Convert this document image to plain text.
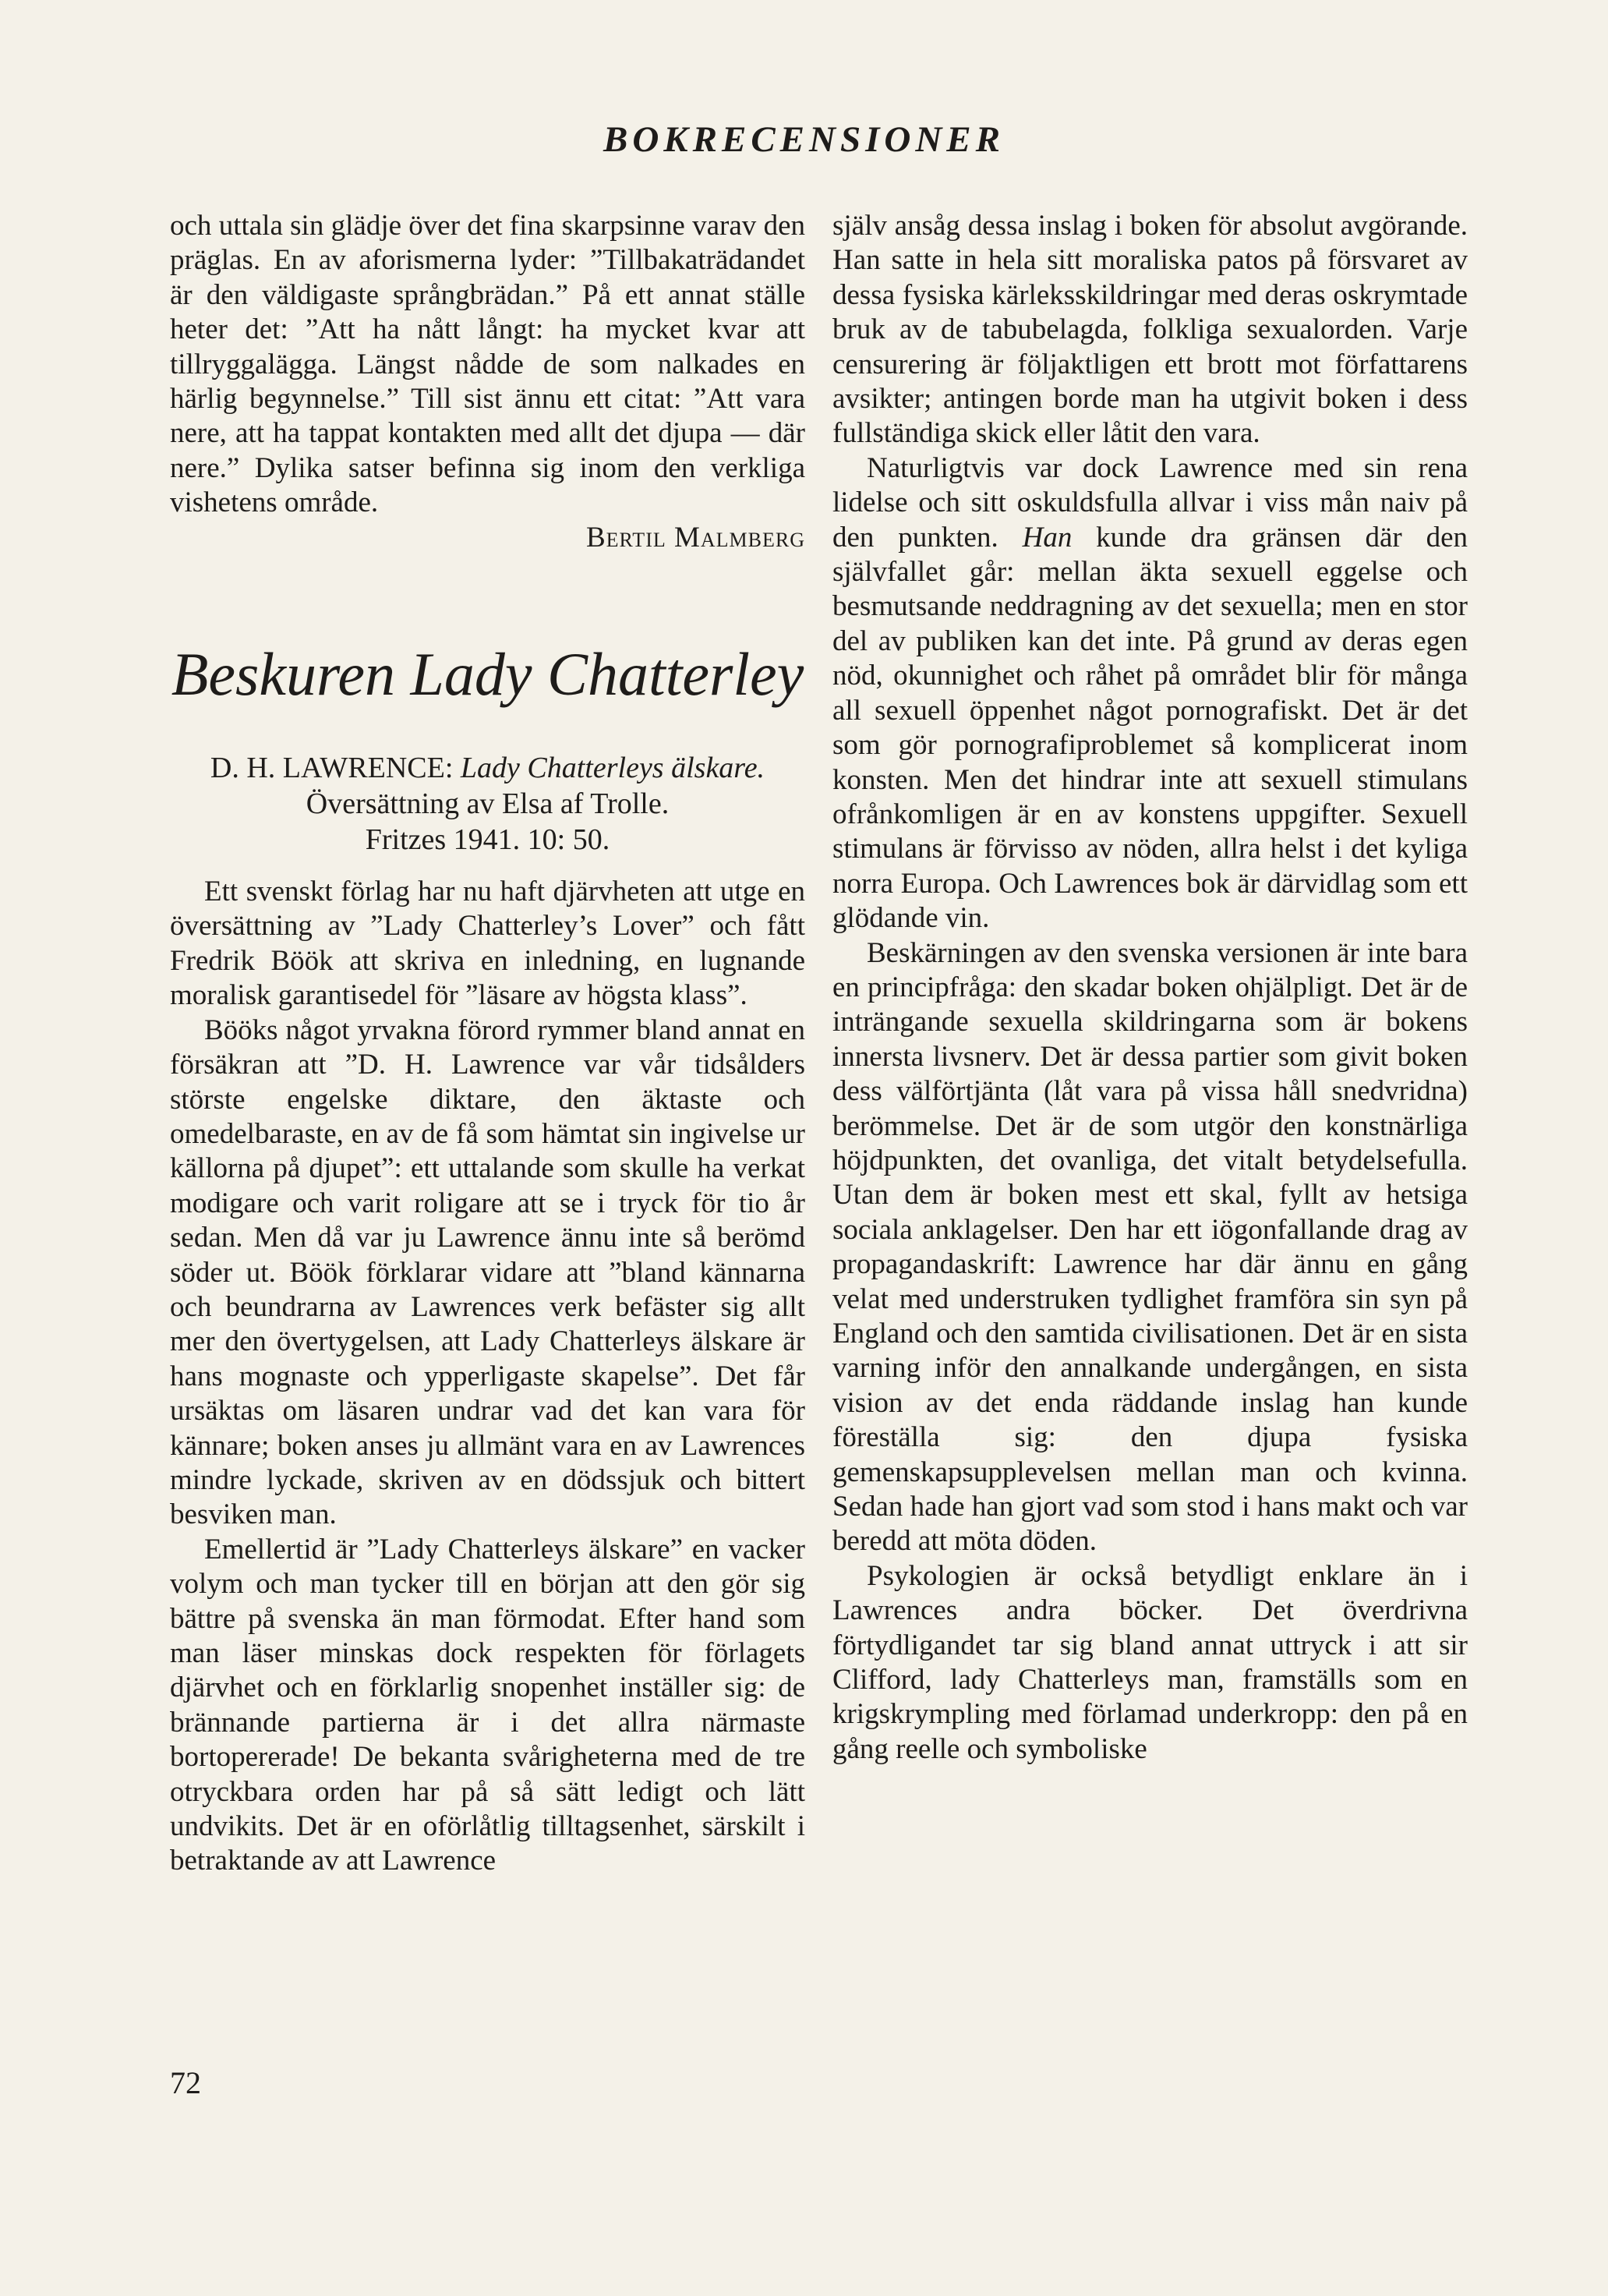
BOKRECENSIONER

och uttala sin glädje över det fina skarpsinne varav den präglas. En av aforismerna lyder: ”Tillbakaträdandet är den väldigaste språngbrädan.” På ett annat ställe heter det: ”Att ha nått långt: ha mycket kvar att tillryggalägga. Längst nådde de som nalkades en härlig begynnelse.” Till sist ännu ett citat: ”Att vara nere, att ha tappat kontakten med allt det djupa — där nere.” Dylika satser befinna sig inom den verkliga vishetens område.

Bertil Malmberg
Beskuren Lady Chatterley
D. H. LAWRENCE: Lady Chatterleys älskare.
Översättning av Elsa af Trolle.
Fritzes 1941. 10: 50.

Ett svenskt förlag har nu haft djärvheten att utge en översättning av ”Lady Chatterley’s Lover” och fått Fredrik Böök att skriva en inledning, en lugnande moralisk garantisedel för ”läsare av högsta klass”.

Bööks något yrvakna förord rymmer bland annat en försäkran att ”D. H. Lawrence var vår tidsålders störste engelske diktare, den äktaste och omedelbaraste, en av de få som hämtat sin ingivelse ur källorna på djupet”: ett uttalande som skulle ha verkat modigare och varit roligare att se i tryck för tio år sedan. Men då var ju Lawrence ännu inte så berömd söder ut. Böök förklarar vidare att ”bland kännarna och beundrarna av Lawrences verk befäster sig allt mer den övertygelsen, att Lady Chatterleys älskare är hans mognaste och ypperligaste skapelse”. Det får ursäktas om läsaren undrar vad det kan vara för kännare; boken anses ju allmänt vara en av Lawrences mindre lyckade, skriven av en dödssjuk och bittert besviken man.

Emellertid är ”Lady Chatterleys älskare” en vacker volym och man tycker till en början att den gör sig bättre på svenska än man förmodat. Efter hand som man läser minskas dock respekten för förlagets djärvhet och en förklarlig snopenhet inställer sig: de brännande partierna är i det allra närmaste bortopererade! De bekanta svårigheterna med de tre otryckbara orden har på så sätt ledigt och lätt undvikits. Det är en oförlåtlig tilltagsenhet, särskilt i betraktande av att Lawrence

själv ansåg dessa inslag i boken för absolut avgörande. Han satte in hela sitt moraliska patos på försvaret av dessa fysiska kärleksskildringar med deras oskrymtade bruk av de tabubelagda, folkliga sexualorden. Varje censurering är följaktligen ett brott mot författarens avsikter; antingen borde man ha utgivit boken i dess fullständiga skick eller låtit den vara.

Naturligtvis var dock Lawrence med sin rena lidelse och sitt oskuldsfulla allvar i viss mån naiv på den punkten. Han kunde dra gränsen där den självfallet går: mellan äkta sexuell eggelse och besmutsande neddragning av det sexuella; men en stor del av publiken kan det inte. På grund av deras egen nöd, okunnighet och råhet på området blir för många all sexuell öppenhet något pornografiskt. Det är det som gör pornografiproblemet så komplicerat inom konsten. Men det hindrar inte att sexuell stimulans ofrånkomligen är en av konstens uppgifter. Sexuell stimulans är förvisso av nöden, allra helst i det kyliga norra Europa. Och Lawrences bok är därvidlag som ett glödande vin.

Beskärningen av den svenska versionen är inte bara en principfråga: den skadar boken ohjälpligt. Det är de inträngande sexuella skildringarna som är bokens innersta livsnerv. Det är dessa partier som givit boken dess välförtjänta (låt vara på vissa håll snedvridna) berömmelse. Det är de som utgör den konstnärliga höjdpunkten, det ovanliga, det vitalt betydelsefulla. Utan dem är boken mest ett skal, fyllt av hetsiga sociala anklagelser. Den har ett iögonfallande drag av propagandaskrift: Lawrence har där ännu en gång velat med understruken tydlighet framföra sin syn på England och den samtida civilisationen. Det är en sista varning inför den annalkande undergången, en sista vision av det enda räddande inslag han kunde föreställa sig: den djupa fysiska gemenskapsupplevelsen mellan man och kvinna. Sedan hade han gjort vad som stod i hans makt och var beredd att möta döden.

Psykologien är också betydligt enklare än i Lawrences andra böcker. Det överdrivna förtydligandet tar sig bland annat uttryck i att sir Clifford, lady Chatterleys man, framställs som en krigskrympling med förlamad underkropp: den på en gång reelle och symboliske

72
